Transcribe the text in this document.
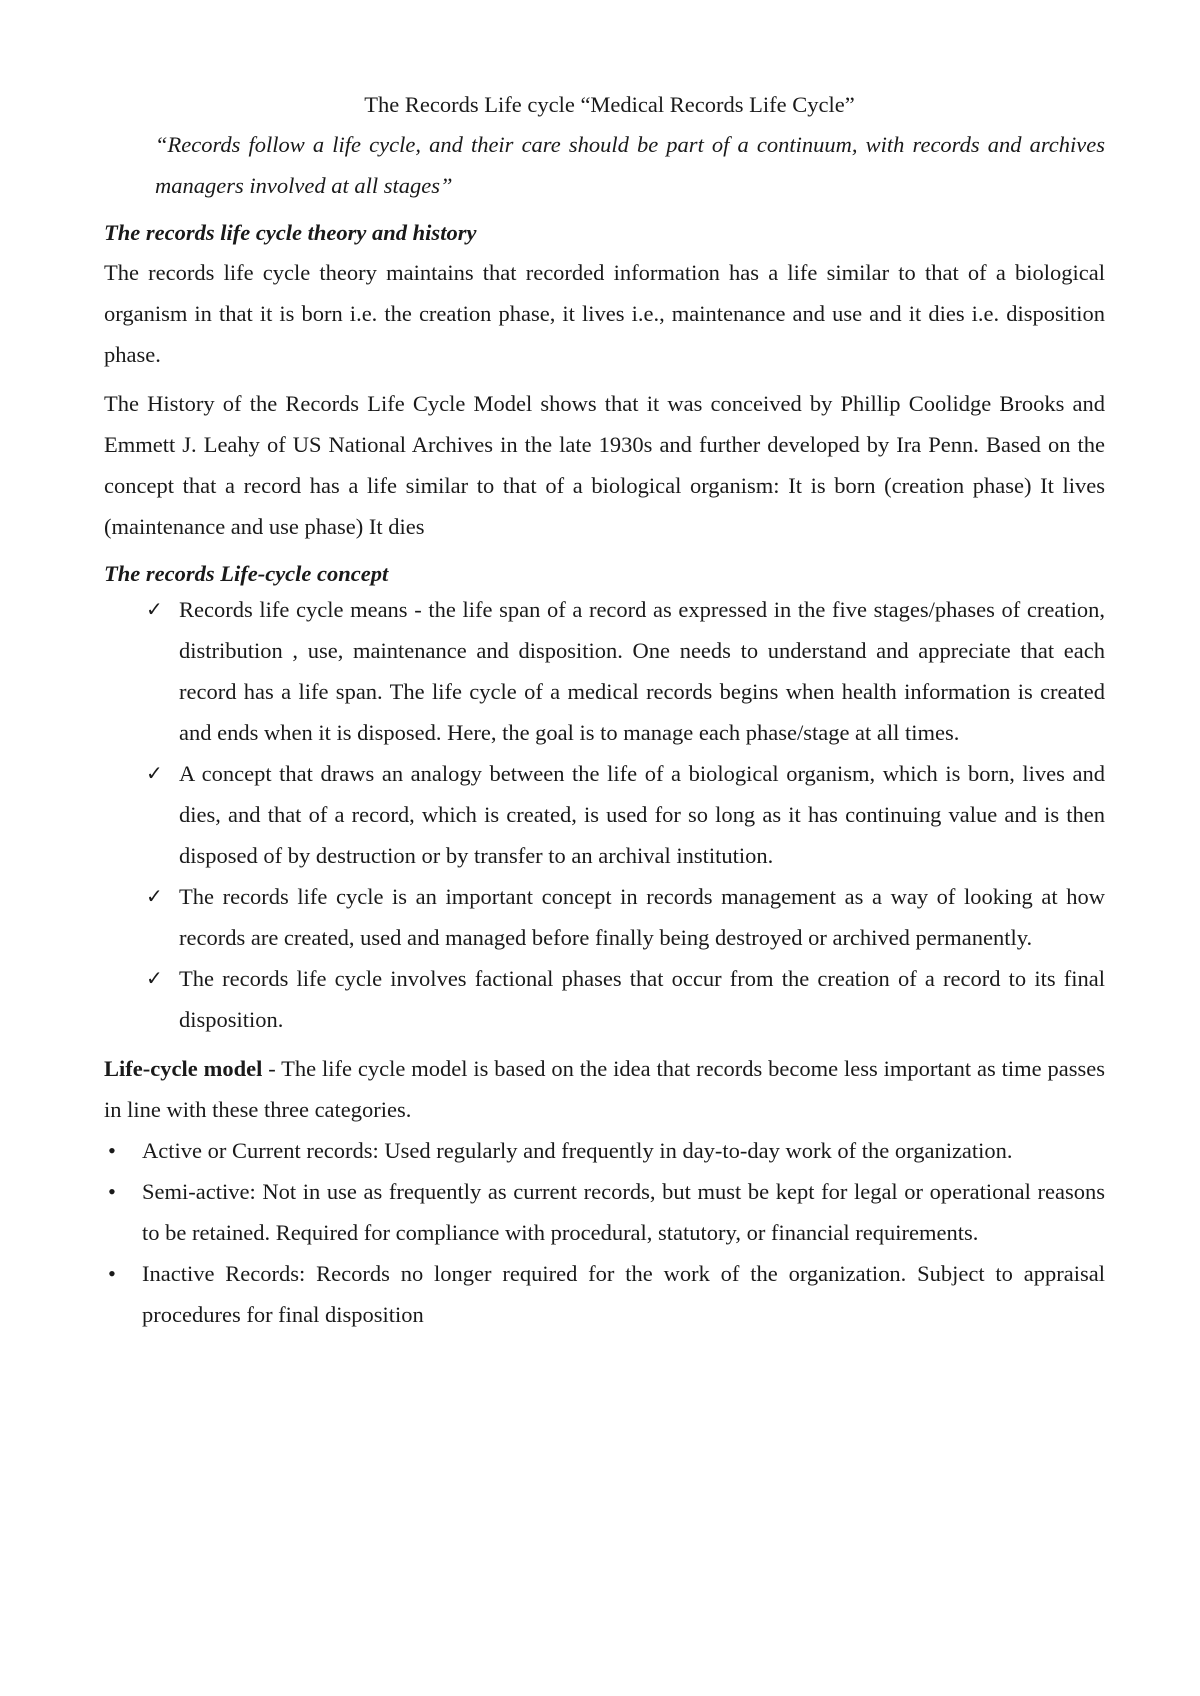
The Records Life cycle “Medical Records Life Cycle”

“Records follow a life cycle, and their care should be part of a continuum, with records and archives managers involved at all stages”

The records life cycle theory and history

The records life cycle theory maintains that recorded information has a life similar to that of a biological organism in that it is born i.e. the creation phase, it lives i.e., maintenance and use and it dies i.e. disposition phase.

The History of the Records Life Cycle Model shows that it was conceived by Phillip Coolidge Brooks and Emmett J. Leahy of US National Archives in the late 1930s and further developed by Ira Penn. Based on the concept that a record has a life similar to that of a biological organism: It is born (creation phase) It lives (maintenance and use phase) It dies

The records Life-cycle concept

✓ Records life cycle means - the life span of a record as expressed in the five stages/phases of creation, distribution , use, maintenance and disposition. One needs to understand and appreciate that each record has a life span. The life cycle of a medical records begins when health information is created and ends when it is disposed. Here, the goal is to manage each phase/stage at all times.
✓ A concept that draws an analogy between the life of a biological organism, which is born, lives and dies, and that of a record, which is created, is used for so long as it has continuing value and is then disposed of by destruction or by transfer to an archival institution.
✓ The records life cycle is an important concept in records management as a way of looking at how records are created, used and managed before finally being destroyed or archived permanently.
✓ The records life cycle involves factional phases that occur from the creation of a record to its final disposition.

Life-cycle model - The life cycle model is based on the idea that records become less important as time passes in line with these three categories.

• Active or Current records: Used regularly and frequently in day-to-day work of the organization.
• Semi-active: Not in use as frequently as current records, but must be kept for legal or operational reasons to be retained. Required for compliance with procedural, statutory, or financial requirements.
• Inactive Records: Records no longer required for the work of the organization. Subject to appraisal procedures for final disposition
